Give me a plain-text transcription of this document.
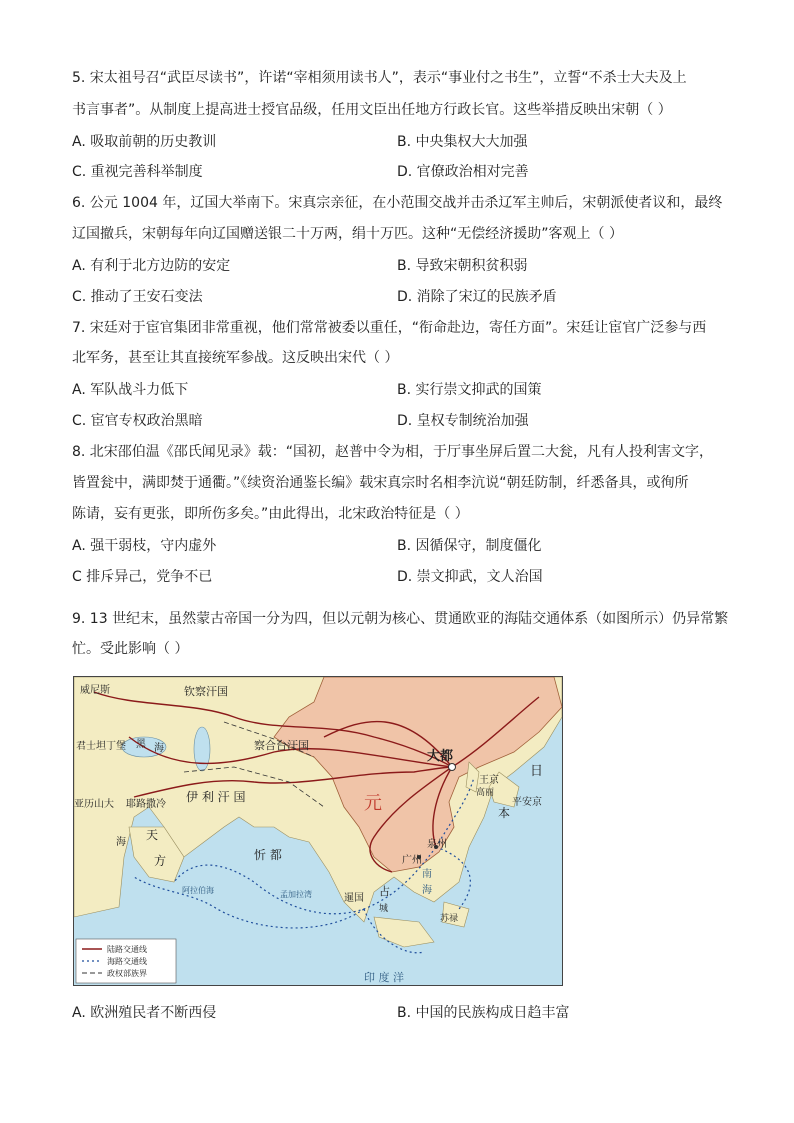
5. 宋太祖号召“武臣尽读书”，许诺“宰相须用读书人”，表示“事业付之书生”，立誓“不杀士大夫及上
书言事者”。从制度上提高进士授官品级，任用文臣出任地方行政长官。这些举措反映出宋朝（ ）
A. 吸取前朝的历史教训	B. 中央集权大大加强
C. 重视完善科举制度	D. 官僚政治相对完善
6. 公元 1004 年，辽国大举南下。宋真宗亲征，在小范围交战并击杀辽军主帅后，宋朝派使者议和，最终
辽国撤兵，宋朝每年向辽国赠送银二十万两，绢十万匹。这种“无偿经济援助”客观上（ ）
A. 有利于北方边防的安定	B. 导致宋朝积贫积弱
C. 推动了王安石变法	D. 消除了宋辽的民族矛盾
7. 宋廷对于宦官集团非常重视，他们常常被委以重任，“衔命赴边，寄任方面”。宋廷让宦官广泛参与西
北军务，甚至让其直接统军参战。这反映出宋代（ ）
A. 军队战斗力低下	B. 实行崇文抑武的国策
C. 宦官专权政治黑暗	D. 皇权专制统治加强
8. 北宋邵伯温《邵氏闻见录》载：“国初，赵普中令为相，于厅事坐屏后置二大瓮，凡有人投利害文字，
皆置瓮中，满即焚于通衢。”《续资治通鉴长编》载宋真宗时名相李沆说“朝廷防制，纤悉备具，或徇所
陈请，妄有更张，即所伤多矣。”由此得出，北宋政治特征是（ ）
A. 强干弱枝，守内虚外	B. 因循保守，制度僵化
C 排斥异己，党争不已	D. 崇文抑武，文人治国
9. 13 世纪末，虽然蒙古帝国一分为四，但以元朝为核心、贯通欧亚的海陆交通体系（如图所示）仍异常繁
忙。受此影响（ ）
威尼斯	钦察汗国
君士坦丁堡 黑 海	察合台汗国
大都
伊 利 汗 国
亚历山大 耶路撒冷	元
王京
高丽
平安京
日
本
天
方	忻 都
海	泉州
广州
阿拉伯海	孟加拉湾	暹国
占
城
南
海
苏禄
印 度 洋
陆路交通线
海路交通线
政权部族界
A. 欧洲殖民者不断西侵	B. 中国的民族构成日趋丰富
